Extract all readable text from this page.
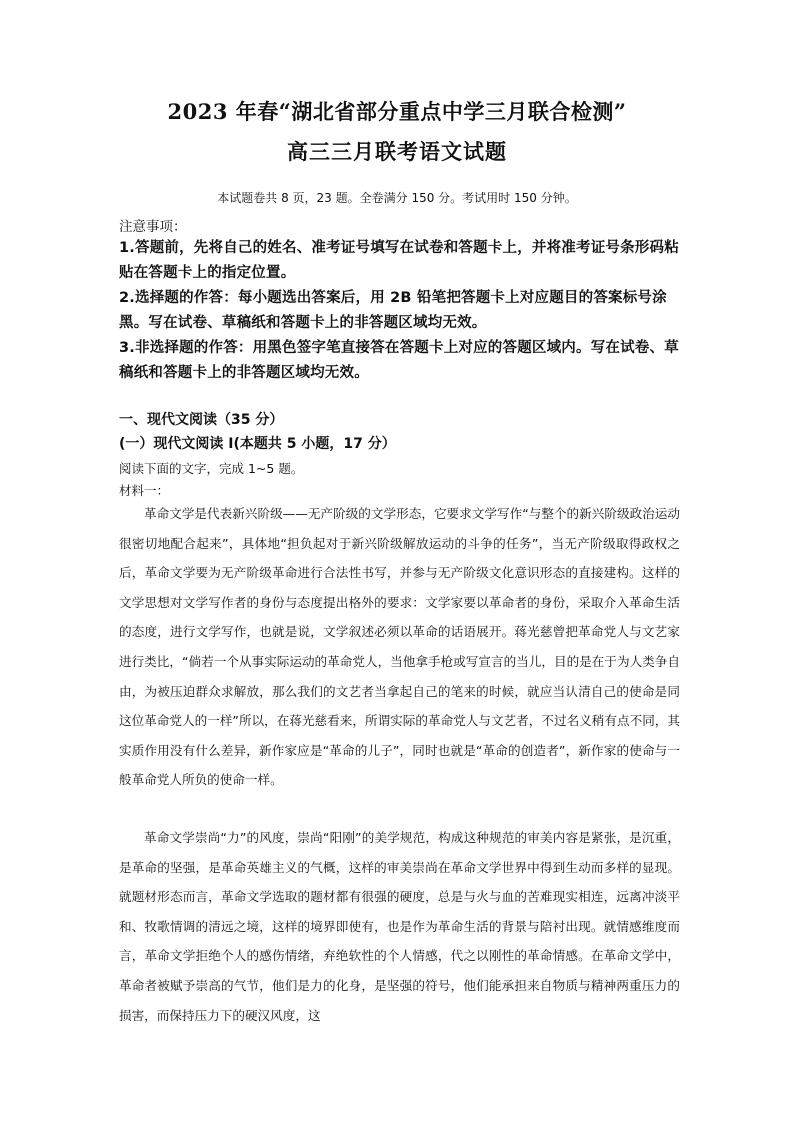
2023 年春“湖北省部分重点中学三月联合检测”
高三三月联考语文试题
本试题卷共 8 页，23 题。全卷满分 150 分。考试用时 150 分钟。
注意事项：
1.答题前，先将自己的姓名、准考证号填写在试卷和答题卡上，并将准考证号条形码粘贴在答题卡上的指定位置。
2.选择题的作答：每小题选出答案后，用 2B 铅笔把答题卡上对应题目的答案标号涂黑。写在试卷、草稿纸和答题卡上的非答题区域均无效。
3.非选择题的作答：用黑色签字笔直接答在答题卡上对应的答题区域内。写在试卷、草稿纸和答题卡上的非答题区域均无效。
一、现代文阅读（35 分）
(一）现代文阅读 I(本题共 5 小题，17 分）
阅读下面的文字，完成 1~5 题。
材料一：

革命文学是代表新兴阶级——无产阶级的文学形态，它要求文学写作“与整个的新兴阶级政治运动很密切地配合起来”，具体地“担负起对于新兴阶级解放运动的斗争的任务”，当无产阶级取得政权之后，革命文学要为无产阶级革命进行合法性书写，并参与无产阶级文化意识形态的直接建构。这样的文学思想对文学写作者的身份与态度提出格外的要求：文学家要以革命者的身份，采取介入革命生活的态度，进行文学写作，也就是说，文学叙述必须以革命的话语展开。蒋光慈曾把革命党人与文艺家进行类比，“倘若一个从事实际运动的革命党人，当他拿手枪或写宣言的当儿，目的是在于为人类争自由，为被压迫群众求解放，那么我们的文艺者当拿起自己的笔来的时候，就应当认清自己的使命是同这位革命党人的一样”所以，在蒋光慈看来，所谓实际的革命党人与文艺者，不过名义稍有点不同，其实质作用没有什么差异，新作家应是“革命的儿子”，同时也就是“革命的创造者”，新作家的使命与一般革命党人所负的使命一样。

革命文学崇尚“力”的风度，崇尚“阳刚”的美学规范，构成这种规范的审美内容是紧张，是沉重，是革命的坚强，是革命英雄主义的气概，这样的审美崇尚在革命文学世界中得到生动而多样的显现。就题材形态而言，革命文学选取的题材都有很强的硬度，总是与火与血的苦难现实相连，远离冲淡平和、牧歌情调的清远之境，这样的境界即使有，也是作为革命生活的背景与陪衬出现。就情感维度而言，革命文学拒绝个人的感伤情绪，弃绝软性的个人情感，代之以刚性的革命情感。在革命文学中，革命者被赋予崇高的气节，他们是力的化身，是坚强的符号，他们能承担来自物质与精神两重压力的损害，而保持压力下的硬汉风度，这
